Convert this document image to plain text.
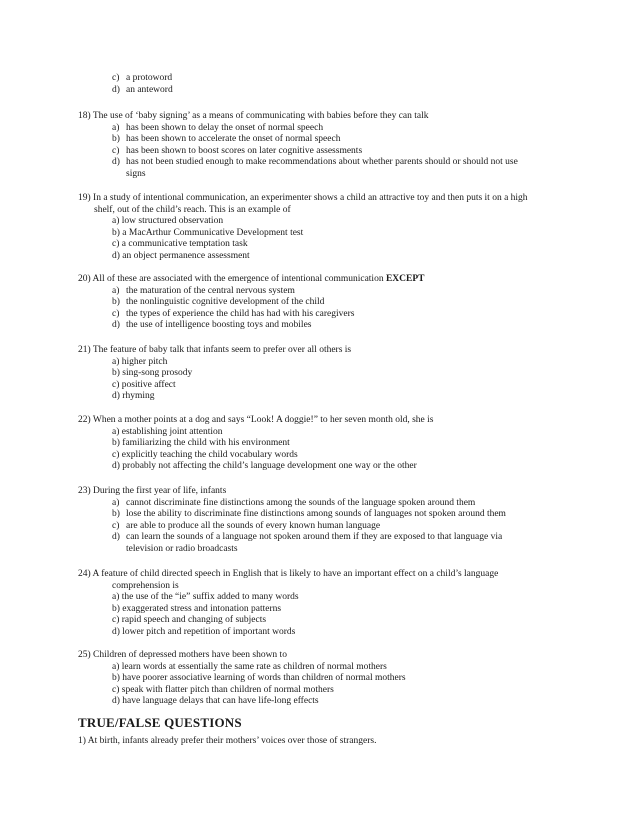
c) a protoword
d) an anteword
18) The use of ‘baby signing’ as a means of communicating with babies before they can talk
a) has been shown to delay the onset of normal speech
b) has been shown to accelerate the onset of normal speech
c) has been shown to boost scores on later cognitive assessments
d) has not been studied enough to make recommendations about whether parents should or should not use
signs
19) In a study of intentional communication, an experimenter shows a child an attractive toy and then puts it on a high
shelf, out of the child’s reach. This is an example of
a) low structured observation
b) a MacArthur Communicative Development test
c) a communicative temptation task
d) an object permanence assessment
20) All of these are associated with the emergence of intentional communication EXCEPT
a) the maturation of the central nervous system
b) the nonlinguistic cognitive development of the child
c) the types of experience the child has had with his caregivers
d) the use of intelligence boosting toys and mobiles
21) The feature of baby talk that infants seem to prefer over all others is
a) higher pitch
b) sing-song prosody
c) positive affect
d) rhyming
22) When a mother points at a dog and says “Look! A doggie!” to her seven month old, she is
a) establishing joint attention
b) familiarizing the child with his environment
c) explicitly teaching the child vocabulary words
d) probably not affecting the child’s language development one way or the other
23) During the first year of life, infants
a) cannot discriminate fine distinctions among the sounds of the language spoken around them
b) lose the ability to discriminate fine distinctions among sounds of languages not spoken around them
c) are able to produce all the sounds of every known human language
d) can learn the sounds of a language not spoken around them if they are exposed to that language via
television or radio broadcasts
24) A feature of child directed speech in English that is likely to have an important effect on a child’s language
comprehension is
a) the use of the “ie” suffix added to many words
b) exaggerated stress and intonation patterns
c) rapid speech and changing of subjects
d) lower pitch and repetition of important words
25) Children of depressed mothers have been shown to
a) learn words at essentially the same rate as children of normal mothers
b) have poorer associative learning of words than children of normal mothers
c) speak with flatter pitch than children of normal mothers
d) have language delays that can have life-long effects
TRUE/FALSE QUESTIONS
1) At birth, infants already prefer their mothers’ voices over those of strangers.
